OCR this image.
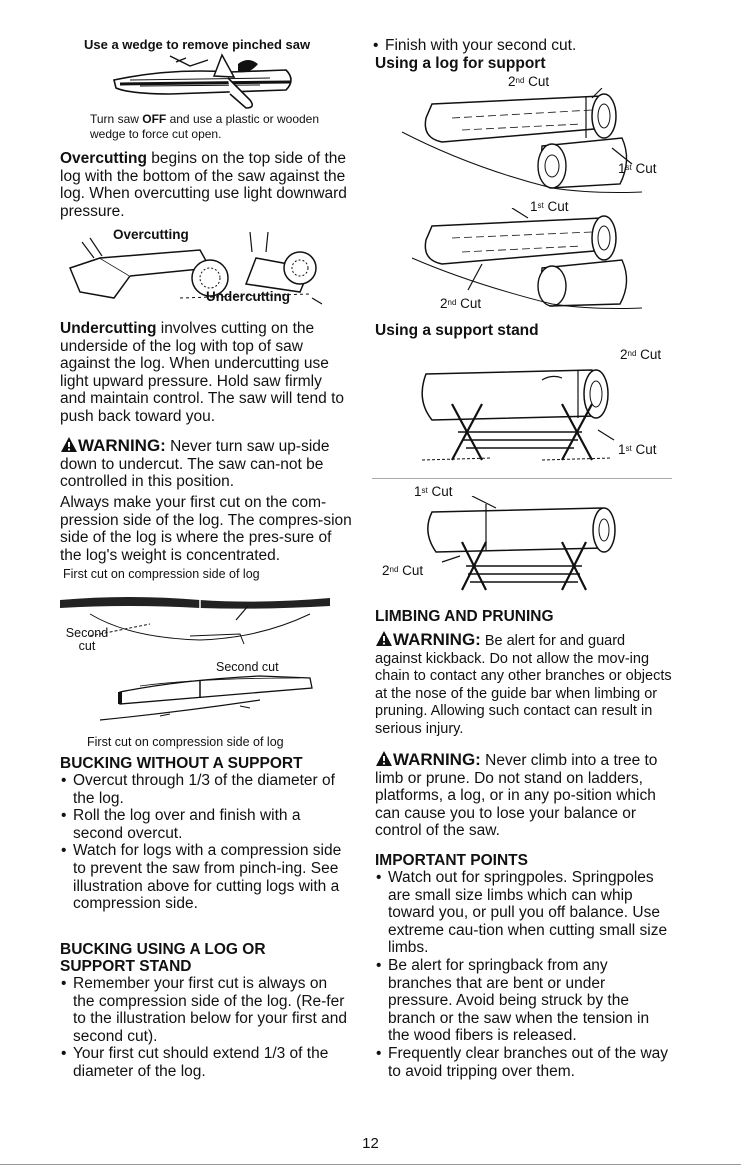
Use a wedge to remove pinched saw
Turn saw OFF and use a plastic or wooden wedge to force cut open.

Overcutting begins on the top side of the log with the bottom of the saw against the log. When overcutting use light downward pressure.

Overcutting
Undercutting

Undercutting involves cutting on the underside of the log with top of saw against the log. When undercutting use light upward pressure. Hold saw firmly and maintain control. The saw will tend to push back toward you.

WARNING: Never turn saw up-side down to undercut. The saw can-not be controlled in this position.

Always make your first cut on the com-pression side of the log. The compres-sion side of the log is where the pres-sure of the log's weight is concentrated.

First cut on compression side of log
Second cut
Second cut
First cut on compression side of log
BUCKING WITHOUT A SUPPORT
• Overcut through 1/3 of the diameter of the log.
• Roll the log over and finish with a second overcut.
• Watch for logs with a compression side to prevent the saw from pinch-ing. See illustration above for cutting logs with a compression side.
BUCKING USING A LOG OR SUPPORT STAND
• Remember your first cut is always on the compression side of the log. (Re-fer to the illustration below for your first and second cut).
• Your first cut should extend 1/3 of the diameter of the log.
• Finish with your second cut.
Using a log for support
2nd Cut
1st Cut
1st Cut
2nd Cut
Using a support stand
2nd Cut
1st Cut
1st Cut
2nd Cut
LIMBING AND PRUNING

WARNING: Be alert for and guard against kickback. Do not allow the mov-ing chain to contact any other branches or objects at the nose of the guide bar when limbing or pruning. Allowing such contact can result in serious injury.

WARNING: Never climb into a tree to limb or prune. Do not stand on ladders, platforms, a log, or in any po-sition which can cause you to lose your balance or control of the saw.

IMPORTANT POINTS
• Watch out for springpoles. Springpoles are small size limbs which can whip toward you, or pull you off balance. Use extreme cau-tion when cutting small size limbs.
• Be alert for springback from any branches that are bent or under pressure. Avoid being struck by the branch or the saw when the tension in the wood fibers is released.
• Frequently clear branches out of the way to avoid tripping over them.
12
